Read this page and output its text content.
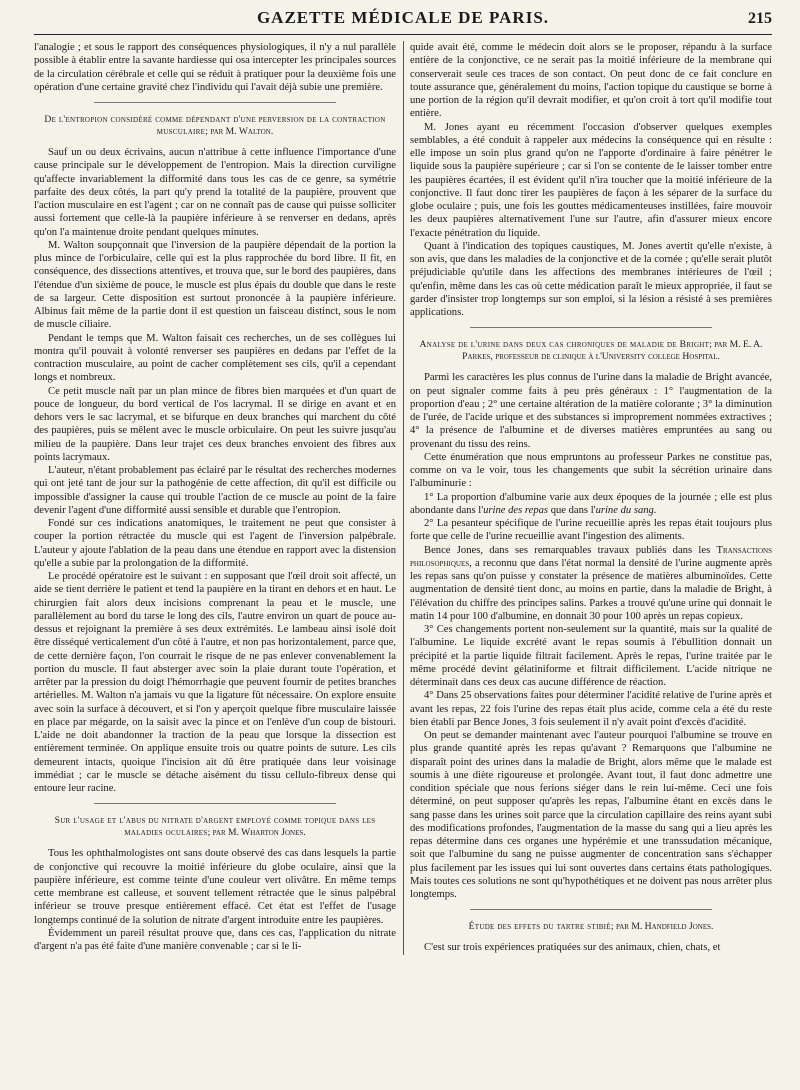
GAZETTE MÉDICALE DE PARIS.	215

l'analogie ; et sous le rapport des conséquences physiologiques, il n'y a nul parallèle possible à établir entre la savante hardiesse qui osa intercepter les principales sources de la circulation cérébrale et celle qui se réduit à pratiquer pour la deuxième fois une opération d'une certaine gravité chez l'individu qui l'avait déjà subie une première.

De l'entropion considéré comme dépendant d'une perversion de la contraction musculaire; par M. Walton.

Sauf un ou deux écrivains, aucun n'attribue à cette influence l'importance d'une cause principale sur le développement de l'entropion. Mais la direction curviligne qu'affecte invariablement la difformité dans tous les cas de ce genre, sa symétrie parfaite des deux côtés, la part qu'y prend la totalité de la paupière, prouvent que l'action musculaire en est l'agent ; car on ne connaît pas de cause qui puisse solliciter aussi fortement que celle-là la paupière inférieure à se renverser en dedans, après qu'on l'a maintenue droite pendant quelques minutes.

M. Walton soupçonnait que l'inversion de la paupière dépendait de la portion la plus mince de l'orbiculaire, celle qui est la plus rapprochée du bord libre. Il fit, en conséquence, des dissections attentives, et trouva que, sur le bord des paupières, dans l'étendue d'un sixième de pouce, le muscle est plus épais du double que dans le reste de sa largeur. Cette disposition est surtout prononcée à la paupière inférieure. Albinus fait même de la partie dont il est question un faisceau distinct, sous le nom de muscle ciliaire.

Pendant le temps que M. Walton faisait ces recherches, un de ses collègues lui montra qu'il pouvait à volonté renverser ses paupières en dedans par l'effet de la contraction musculaire, au point de cacher complètement ses cils, qu'il a cependant longs et nombreux.

Ce petit muscle naît par un plan mince de fibres bien marquées et d'un quart de pouce de longueur, du bord vertical de l'os lacrymal. Il se dirige en avant et en dehors vers le sac lacrymal, et se bifurque en deux branches qui marchent du côté des paupières, puis se mêlent avec le muscle orbiculaire. On peut les suivre jusqu'au milieu de la paupière. Dans leur trajet ces deux branches envoient des fibres aux points lacrymaux.

L'auteur, n'étant probablement pas éclairé par le résultat des recherches modernes qui ont jeté tant de jour sur la pathogénie de cette affection, dit qu'il est difficile ou impossible d'assigner la cause qui trouble l'action de ce muscle au point de la faire devenir l'agent d'une difformité aussi sensible et durable que l'entropion.

Fondé sur ces indications anatomiques, le traitement ne peut que consister à couper la portion rétractée du muscle qui est l'agent de l'inversion palpébrale. L'auteur y ajoute l'ablation de la peau dans une étendue en rapport avec la distension qu'elle a subie par la prolongation de la difformité.

Le procédé opératoire est le suivant : en supposant que l'œil droit soit affecté, un aide se tient derrière le patient et tend la paupière en la tirant en dehors et en haut. Le chirurgien fait alors deux incisions comprenant la peau et le muscle, une parallèlement au bord du tarse le long des cils, l'autre environ un quart de pouce au-dessus et rejoignant la première à ses deux extrémités. Le lambeau ainsi isolé doit être disséqué verticalement d'un côté à l'autre, et non pas horizontalement, parce que, de cette dernière façon, l'on courrait le risque de ne pas enlever convenablement la portion du muscle. Il faut absterger avec soin la plaie durant toute l'opération, et arrêter par la pression du doigt l'hémorrhagie que peuvent fournir de petites branches artérielles. M. Walton n'a jamais vu que la ligature fût nécessaire. On explore ensuite avec soin la surface à découvert, et si l'on y aperçoit quelque fibre musculaire laissée en place par mégarde, on la saisit avec la pince et on l'enlève d'un coup de bistouri. L'aide ne doit abandonner la traction de la peau que lorsque la dissection est entièrement terminée. On applique ensuite trois ou quatre points de suture. Les cils demeurent intacts, quoique l'incision ait dû être pratiquée dans leur voisinage immédiat ; car le muscle se détache aisément du tissu cellulo-fibreux dense qui entoure leur racine.

Sur l'usage et l'abus du nitrate d'argent employé comme topique dans les maladies oculaires; par M. Wharton Jones.

Tous les ophthalmologistes ont sans doute observé des cas dans lesquels la partie de conjonctive qui recouvre la moitié inférieure du globe oculaire, ainsi que la paupière inférieure, est comme teinte d'une couleur vert olivâtre. En même temps cette membrane est calleuse, et souvent tellement rétractée que le sinus palpébral inférieur se trouve presque entièrement effacé. Cet état est l'effet de l'usage longtemps continué de la solution de nitrate d'argent introduite entre les paupières.

Évidemment un pareil résultat prouve que, dans ces cas, l'application du nitrate d'argent n'a pas été faite d'une manière convenable ; car si le li-

quide avait été, comme le médecin doit alors se le proposer, répandu à la surface entière de la conjonctive, ce ne serait pas la moitié inférieure de la membrane qui conserverait seule ces traces de son contact. On peut donc de ce fait conclure en toute assurance que, généralement du moins, l'action topique du caustique se borne à une portion de la région qu'il devrait modifier, et qu'on croit à tort qu'il modifie tout entière.

M. Jones ayant eu récemment l'occasion d'observer quelques exemples semblables, a été conduit à rappeler aux médecins la conséquence qui en résulte : elle impose un soin plus grand qu'on ne l'apporte d'ordinaire à faire pénétrer le liquide sous la paupière supérieure ; car si l'on se contente de le laisser tomber entre les paupières écartées, il est évident qu'il n'ira toucher que la moitié inférieure de la conjonctive. Il faut donc tirer les paupières de façon à les séparer de la surface du globe oculaire ; puis, une fois les gouttes médicamenteuses instillées, faire mouvoir les deux paupières alternativement l'une sur l'autre, afin d'assurer mieux encore l'exacte pénétration du liquide.

Quant à l'indication des topiques caustiques, M. Jones avertit qu'elle n'existe, à son avis, que dans les maladies de la conjonctive et de la cornée ; qu'elle serait plutôt préjudiciable qu'utile dans les affections des membranes intérieures de l'œil ; qu'enfin, même dans les cas où cette médication paraît le mieux appropriée, il faut se garder d'insister trop longtemps sur son emploi, si la lésion a résisté à ses premières applications.

Analyse de l'urine dans deux cas chroniques de maladie de Bright; par M. E. A. Parkes, professeur de clinique à l'University college Hospital.

Parmi les caractères les plus connus de l'urine dans la maladie de Bright avancée, on peut signaler comme faits à peu près généraux : 1° l'augmentation de la proportion d'eau ; 2° une certaine altération de la matière colorante ; 3° la diminution de l'urée, de l'acide urique et des substances si improprement nommées extractives ; 4° la présence de l'albumine et de diverses matières empruntées au sang ou provenant du tissu des reins.

Cette énumération que nous empruntons au professeur Parkes ne constitue pas, comme on va le voir, tous les changements que subit la sécrétion urinaire dans l'albuminurie :

1° La proportion d'albumine varie aux deux époques de la journée ; elle est plus abondante dans l'urine des repas que dans l'urine du sang.

2° La pesanteur spécifique de l'urine recueillie après les repas était toujours plus forte que celle de l'urine recueillie avant l'ingestion des aliments.

Bence Jones, dans ses remarquables travaux publiés dans les Transactions philosophiques, a reconnu que dans l'état normal la densité de l'urine augmente après les repas sans qu'on puisse y constater la présence de matières albuminoïdes. Cette augmentation de densité tient donc, au moins en partie, dans la maladie de Bright, à l'élévation du chiffre des principes salins. Parkes a trouvé qu'une urine qui donnait le matin 14 pour 100 d'albumine, en donnait 30 pour 100 après un repas copieux.

3° Ces changements portent non-seulement sur la quantité, mais sur la qualité de l'albumine. Le liquide excrété avant le repas soumis à l'ébullition donnait un précipité et la partie liquide filtrait facilement. Après le repas, l'urine traitée par le même procédé devint gélatiniforme et filtrait difficilement. L'acide nitrique ne déterminait dans ces deux cas aucune différence de réaction.

4° Dans 25 observations faites pour déterminer l'acidité relative de l'urine après et avant les repas, 22 fois l'urine des repas était plus acide, comme cela a été du reste bien établi par Bence Jones, 3 fois seulement il n'y avait point d'excès d'acidité.

On peut se demander maintenant avec l'auteur pourquoi l'albumine se trouve en plus grande quantité après les repas qu'avant ? Remarquons que l'albumine ne disparaît point des urines dans la maladie de Bright, alors même que le malade est soumis à une diète rigoureuse et prolongée. Avant tout, il faut donc admettre une condition spéciale que nous ferions siéger dans le rein lui-même. Ceci une fois déterminé, on peut supposer qu'après les repas, l'albumine étant en excès dans le sang passe dans les urines soit parce que la circulation capillaire des reins ayant subi des modifications profondes, l'augmentation de la masse du sang qui a lieu après les repas détermine dans ces organes une hypérémie et une transsudation mécanique, soit que l'albumine du sang ne puisse augmenter de concentration sans s'échapper plus facilement par les issues qui lui sont ouvertes dans certains états pathologiques. Mais toutes ces solutions ne sont qu'hypothétiques et ne doivent pas nous arrêter plus longtemps.

Étude des effets du tartre stibié; par M. Handfield Jones.

C'est sur trois expériences pratiquées sur des animaux, chien, chats, et
